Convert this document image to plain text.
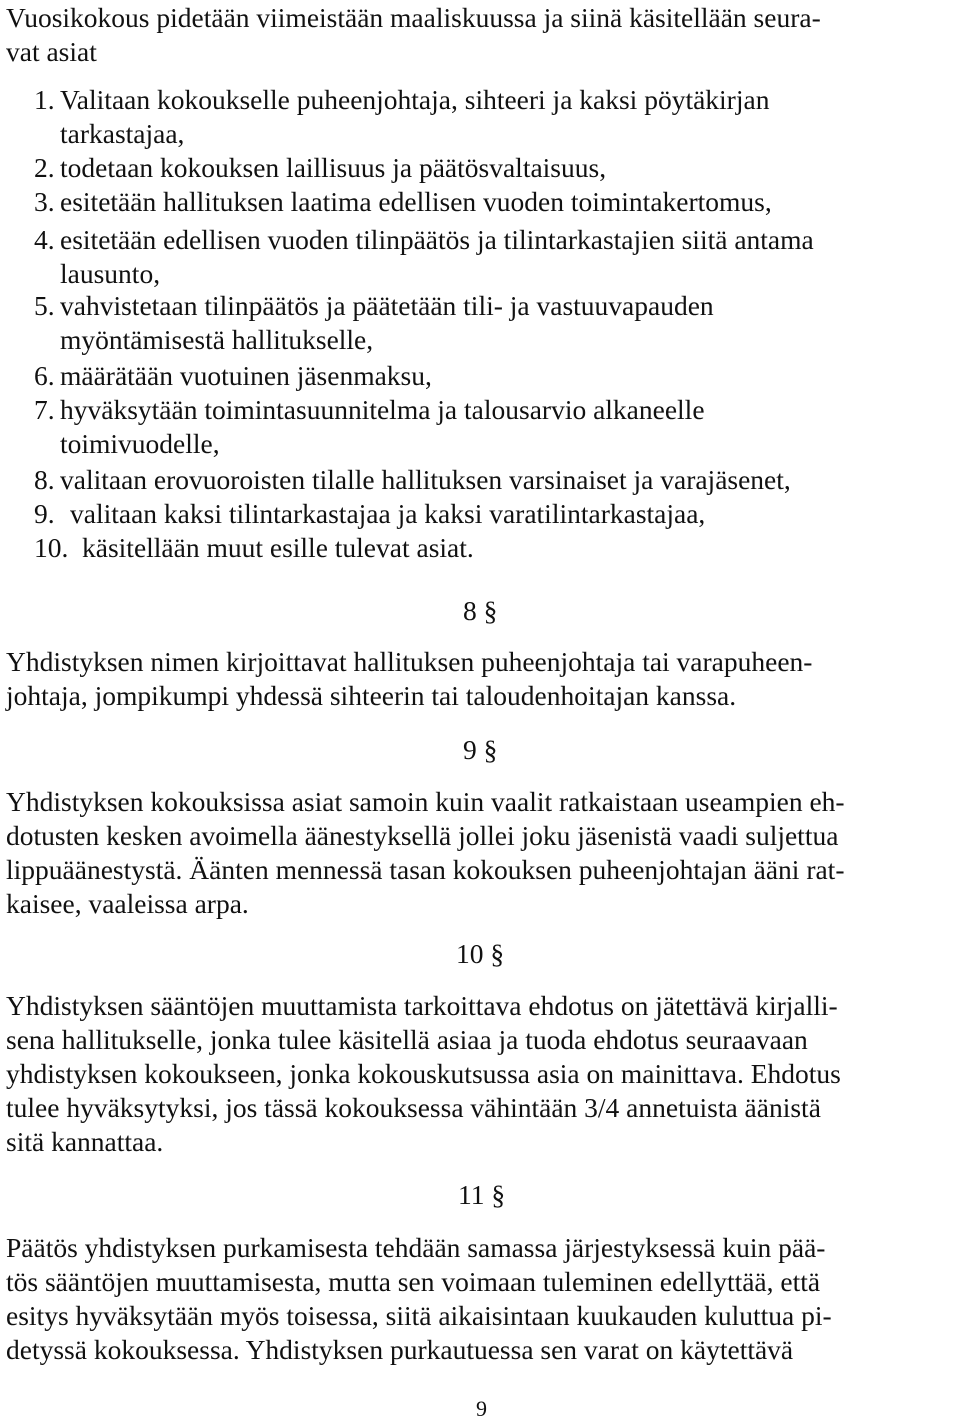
Vuosikokous pidetään viimeistään maaliskuussa ja siinä käsitellään seura-
vat asiat
1. Valitaan kokoukselle puheenjohtaja, sihteeri ja kaksi pöytäkirjan
tarkastajaa,
2. todetaan kokouksen laillisuus ja päätösvaltaisuus,
3. esitetään hallituksen laatima edellisen vuoden toimintakertomus,
4. esitetään edellisen vuoden tilinpäätös ja tilintarkastajien siitä antama
lausunto,
5. vahvistetaan tilinpäätös ja päätetään tili- ja vastuuvapauden
myöntämisestä hallitukselle,
6. määrätään vuotuinen jäsenmaksu,
7. hyväksytään toimintasuunnitelma ja talousarvio alkaneelle
toimivuodelle,
8. valitaan erovuoroisten tilalle hallituksen varsinaiset ja varajäsenet,
9. valitaan kaksi tilintarkastajaa ja kaksi varatilintarkastajaa,
10. käsitellään muut esille tulevat asiat.
8 §
Yhdistyksen nimen kirjoittavat hallituksen puheenjohtaja tai varapuheen-
johtaja, jompikumpi yhdessä sihteerin tai taloudenhoitajan kanssa.
9 §
Yhdistyksen kokouksissa asiat samoin kuin vaalit ratkaistaan useampien eh-
dotusten kesken avoimella äänestyksellä jollei joku jäsenistä vaadi suljettua
lippuäänestystä. Äänten mennessä tasan kokouksen puheenjohtajan ääni rat-
kaisee, vaaleissa arpa.
10 §
Yhdistyksen sääntöjen muuttamista tarkoittava ehdotus on jätettävä kirjalli-
sena hallitukselle, jonka tulee käsitellä asiaa ja tuoda ehdotus seuraavaan
yhdistyksen kokoukseen, jonka kokouskutsussa asia on mainittava. Ehdotus
tulee hyväksytyksi, jos tässä kokouksessa vähintään 3/4 annetuista äänistä
sitä kannattaa.
11 §
Päätös yhdistyksen purkamisesta tehdään samassa järjestyksessä kuin pää-
tös sääntöjen muuttamisesta, mutta sen voimaan tuleminen edellyttää, että
esitys hyväksytään myös toisessa, siitä aikaisintaan kuukauden kuluttua pi-
detyssä kokouksessa. Yhdistyksen purkautuessa sen varat on käytettävä
9
